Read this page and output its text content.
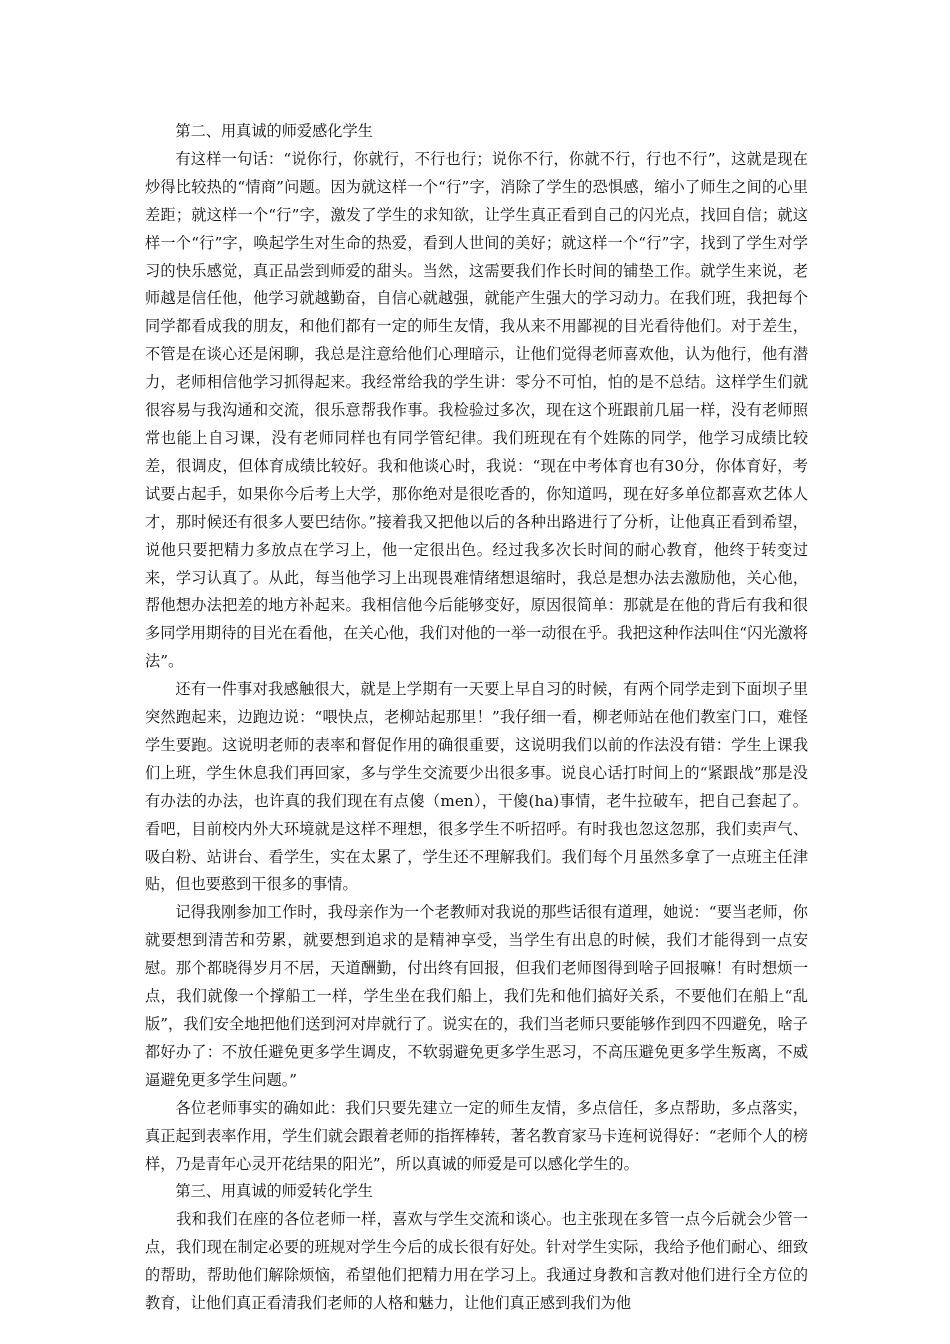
第二、用真诚的师爱感化学生

有这样一句话：“说你行，你就行，不行也行；说你不行，你就不行，行也不行”，这就是现在炒得比较热的“情商”问题。因为就这样一个“行”字，消除了学生的恐惧感，缩小了师生之间的心里差距；就这样一个“行”字，激发了学生的求知欲，让学生真正看到自己的闪光点，找回自信；就这样一个“行”字，唤起学生对生命的热爱，看到人世间的美好；就这样一个“行”字，找到了学生对学习的快乐感觉，真正品尝到师爱的甜头。当然，这需要我们作长时间的铺垫工作。就学生来说，老师越是信任他，他学习就越勤奋，自信心就越强，就能产生强大的学习动力。在我们班，我把每个同学都看成我的朋友，和他们都有一定的师生友情，我从来不用鄙视的目光看待他们。对于差生，不管是在谈心还是闲聊，我总是注意给他们心理暗示，让他们觉得老师喜欢他，认为他行，他有潜力，老师相信他学习抓得起来。我经常给我的学生讲：零分不可怕，怕的是不总结。这样学生们就很容易与我沟通和交流，很乐意帮我作事。我检验过多次，现在这个班跟前几届一样，没有老师照常也能上自习课，没有老师同样也有同学管纪律。我们班现在有个姓陈的同学，他学习成绩比较差，很调皮，但体育成绩比较好。我和他谈心时，我说：“现在中考体育也有30分，你体育好，考试要占起手，如果你今后考上大学，那你绝对是很吃香的，你知道吗，现在好多单位都喜欢艺体人才，那时候还有很多人要巴结你。”接着我又把他以后的各种出路进行了分析，让他真正看到希望，说他只要把精力多放点在学习上，他一定很出色。经过我多次长时间的耐心教育，他终于转变过来，学习认真了。从此，每当他学习上出现畏难情绪想退缩时，我总是想办法去激励他，关心他，帮他想办法把差的地方补起来。我相信他今后能够变好，原因很简单：那就是在他的背后有我和很多同学用期待的目光在看他，在关心他，我们对他的一举一动很在乎。我把这种作法叫住“闪光激将法”。

还有一件事对我感触很大，就是上学期有一天要上早自习的时候，有两个同学走到下面坝子里突然跑起来，边跑边说：“喂快点，老柳站起那里！”我仔细一看，柳老师站在他们教室门口，难怪学生要跑。这说明老师的表率和督促作用的确很重要，这说明我们以前的作法没有错：学生上课我们上班，学生休息我们再回家，多与学生交流要少出很多事。说良心话打时间上的“紧跟战”那是没有办法的办法，也许真的我们现在有点傻（men），干傻(ha)事情，老牛拉破车，把自己套起了。看吧，目前校内外大环境就是这样不理想，很多学生不听招呼。有时我也忽这忽那，我们卖声气、吸白粉、站讲台、看学生，实在太累了，学生还不理解我们。我们每个月虽然多拿了一点班主任津贴，但也要憨到干很多的事情。

记得我刚参加工作时，我母亲作为一个老教师对我说的那些话很有道理，她说：“要当老师，你就要想到清苦和劳累，就要想到追求的是精神享受，当学生有出息的时候，我们才能得到一点安慰。那个都晓得岁月不居，天道酬勤，付出终有回报，但我们老师图得到啥子回报嘛！有时想烦一点，我们就像一个撑船工一样，学生坐在我们船上，我们先和他们搞好关系，不要他们在船上“乱版”，我们安全地把他们送到河对岸就行了。说实在的，我们当老师只要能够作到四不四避免，啥子都好办了：不放任避免更多学生调皮，不软弱避免更多学生恶习，不高压避免更多学生叛离，不威逼避免更多学生问题。”

各位老师事实的确如此：我们只要先建立一定的师生友情，多点信任，多点帮助，多点落实，真正起到表率作用，学生们就会跟着老师的指挥棒转，著名教育家马卡连柯说得好：“老师个人的榜样，乃是青年心灵开花结果的阳光”，所以真诚的师爱是可以感化学生的。

第三、用真诚的师爱转化学生

我和我们在座的各位老师一样，喜欢与学生交流和谈心。也主张现在多管一点今后就会少管一点，我们现在制定必要的班规对学生今后的成长很有好处。针对学生实际，我给予他们耐心、细致的帮助，帮助他们解除烦恼，希望他们把精力用在学习上。我通过身教和言教对他们进行全方位的教育，让他们真正看清我们老师的人格和魅力，让他们真正感到我们为他
